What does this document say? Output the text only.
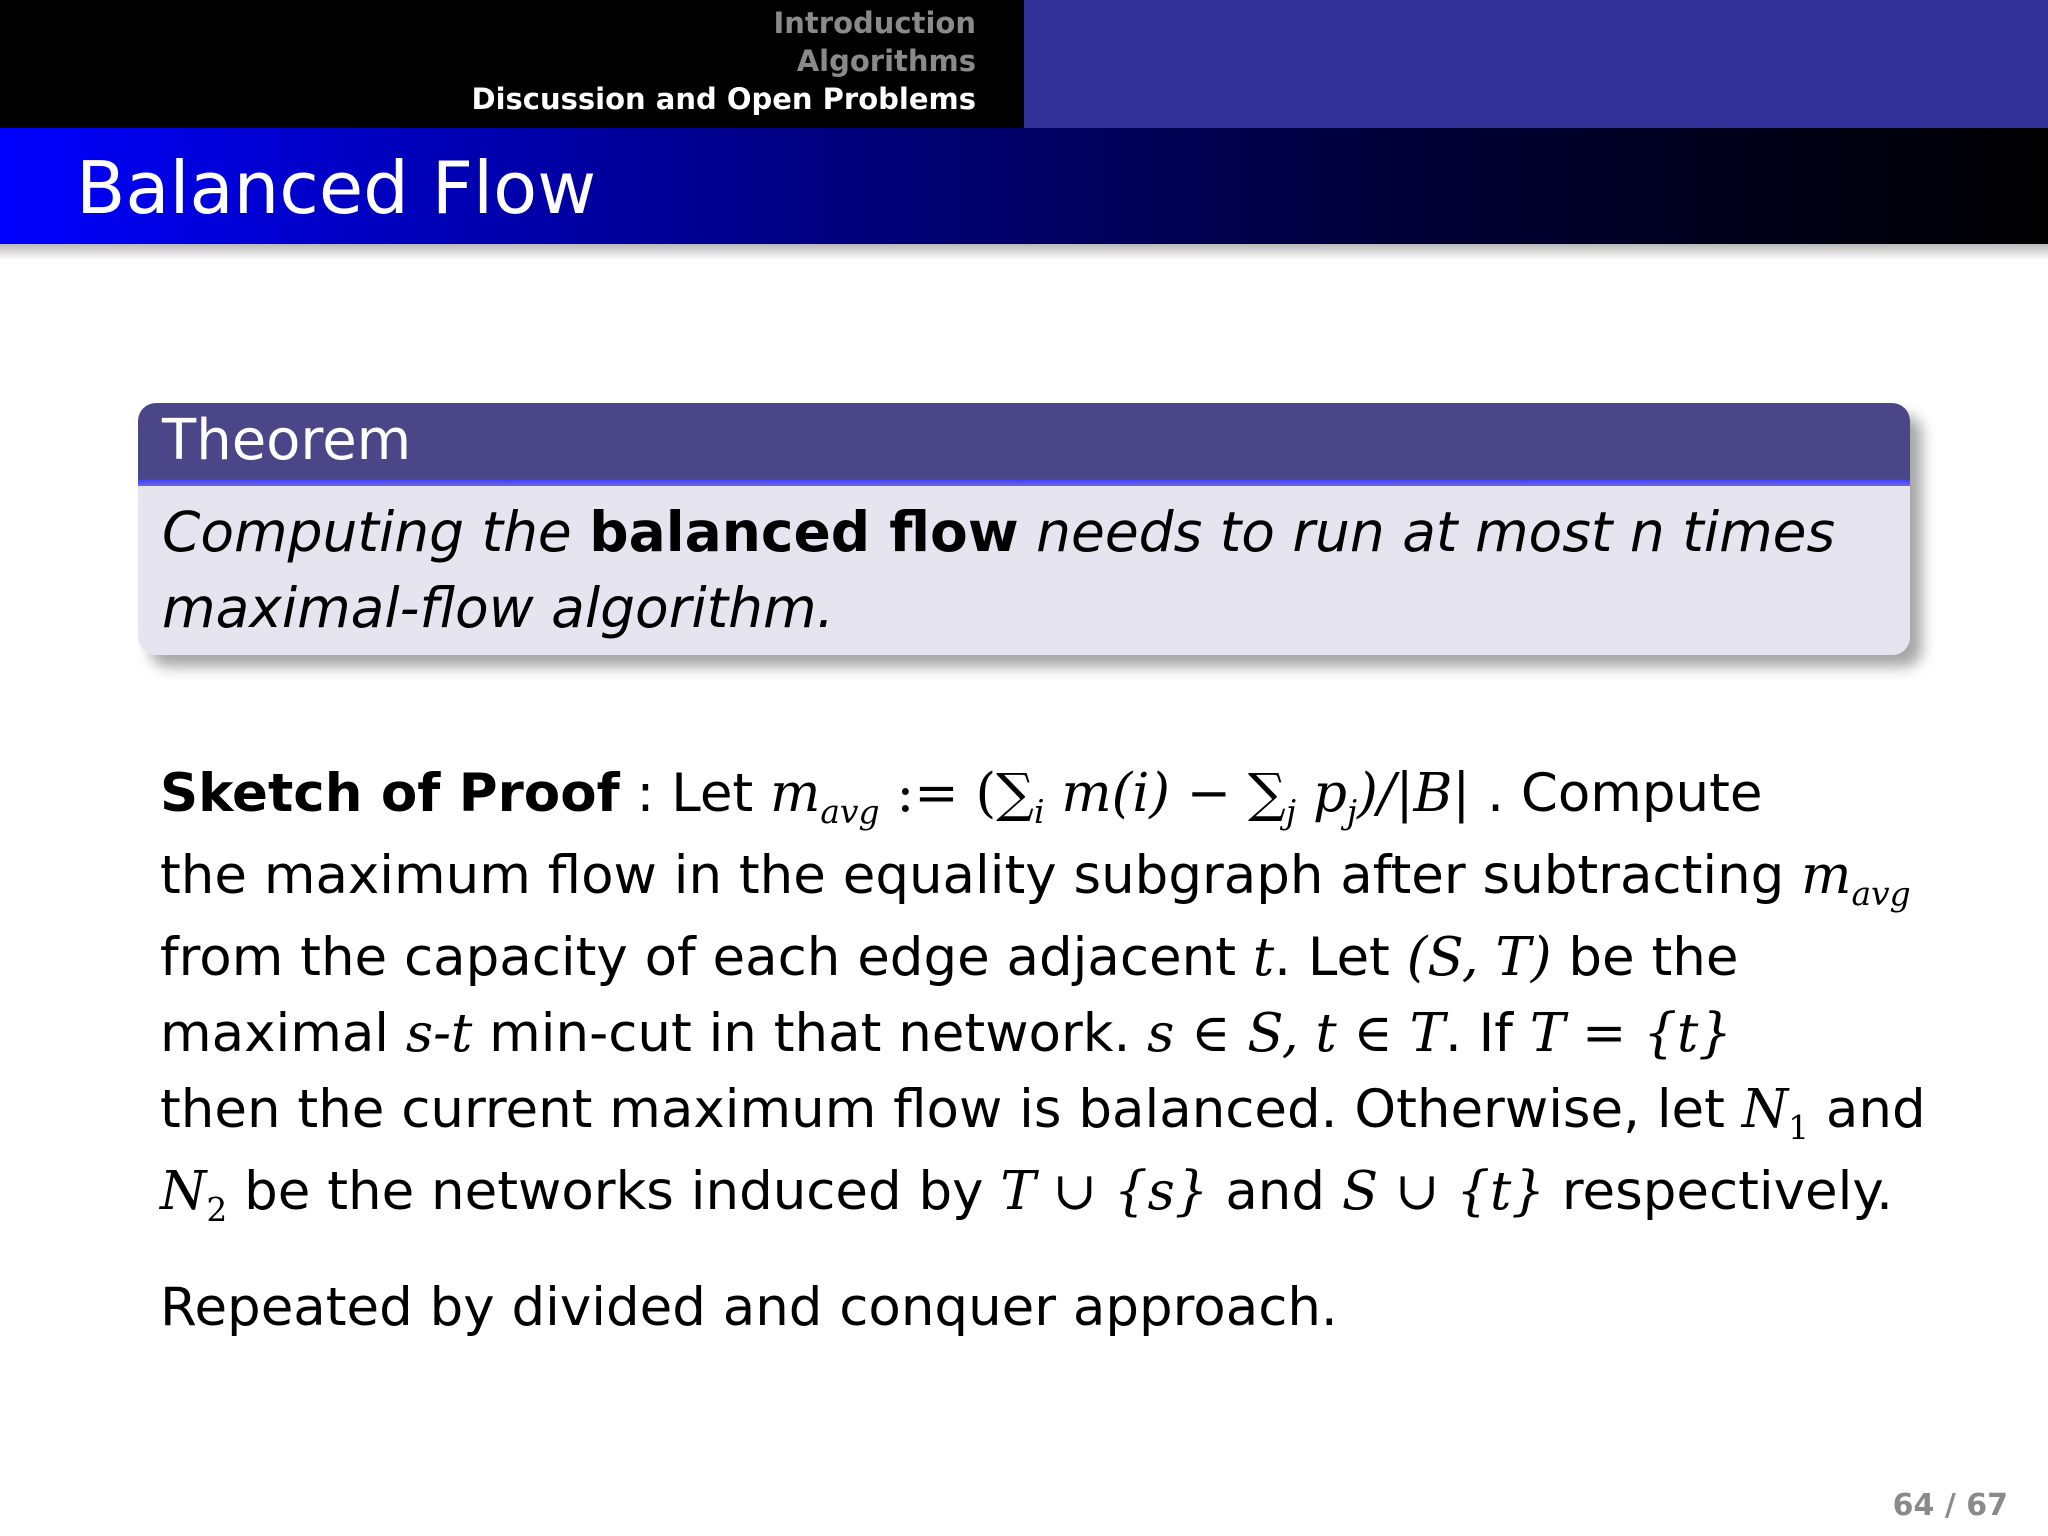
Introduction
Algorithms
Discussion and Open Problems
Balanced Flow
Theorem
Computing the balanced flow needs to run at most n times
maximal-flow algorithm.
Sketch of Proof : Let $m_{avg}$ := ($\sum_i$ $m(i) - \sum_j$ $p_j)/|B|$ . Compute
the maximum flow in the equality subgraph after subtracting $m_{avg}$
from the capacity of each edge adjacent t. Let (S, T) be the
maximal s-t min-cut in that network. s ∈ S, t ∈ T. If T = {t}
then the current maximum flow is balanced. Otherwise, let $N_1$ and
$N_2$ be the networks induced by T ∪ {s} and S ∪ {t} respectively.
Repeated by divided and conquer approach.
64 / 67
